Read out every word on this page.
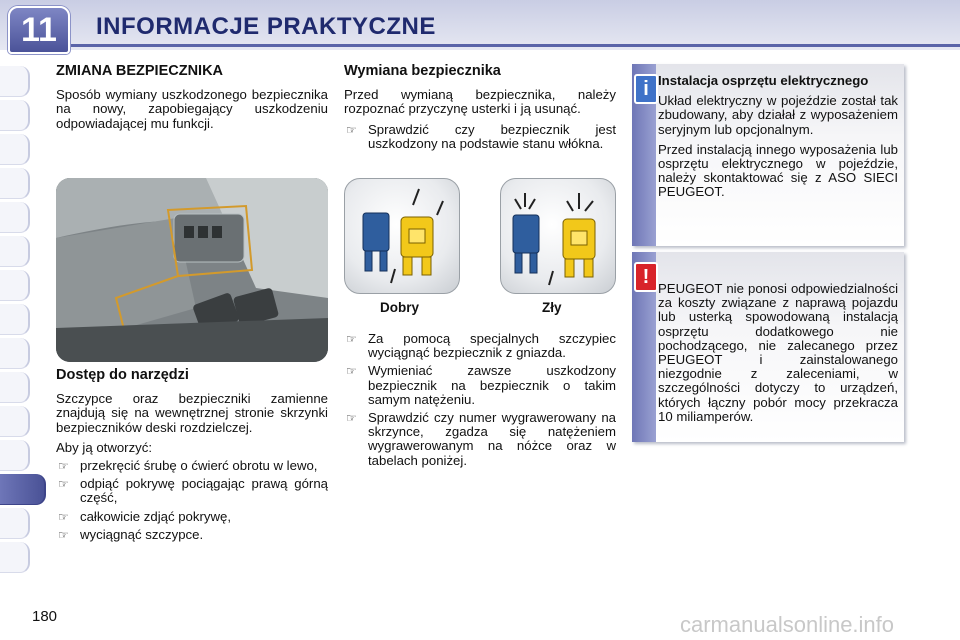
11	INFORMACJE PRAKTYCZNE
ZMIANA BEZPIECZNIKA

Sposób wymiany uszkodzonego bezpiecznika na nowy, zapobiegający uszkodzeniu odpowiadającej mu funkcji.

Dostęp do narzędzi

Szczypce oraz bezpieczniki zamienne znajdują się na wewnętrznej stronie skrzynki bezpieczników deski rozdzielczej.

Aby ją otworzyć:

☞ przekręcić śrubę o ćwierć obrotu w lewo,
☞ odpiąć pokrywę pociągając prawą górną część,
☞ całkowicie zdjąć pokrywę,
☞ wyciągnąć szczypce.
Wymiana bezpiecznika

Przed wymianą bezpiecznika, należy rozpoznać przyczynę usterki i ją usunąć.

☞ Sprawdzić czy bezpiecznik jest uszkodzony na podstawie stanu włókna.
Dobry	Zły
☞ Za pomocą specjalnych szczypiec wyciągnąć bezpiecznik z gniazda.
☞ Wymieniać zawsze uszkodzony bezpiecznik na bezpiecznik o takim samym natężeniu.
☞ Sprawdzić czy numer wygrawerowany na skrzynce, zgadza się natężeniem wygrawerowanym na nóżce oraz w tabelach poniżej.
i Instalacja osprzętu elektrycznego

Układ elektryczny w pojeździe został tak zbudowany, aby działał z wyposażeniem seryjnym lub opcjonalnym.

Przed instalacją innego wyposażenia lub osprzętu elektrycznego w pojeździe, należy skontaktować się z ASO SIECI PEUGEOT.

!

PEUGEOT nie ponosi odpowiedzialności za koszty związane z naprawą pojazdu lub usterką spowodowaną instalacją osprzętu dodatkowego nie pochodzącego, nie zalecanego przez PEUGEOT i zainstalowanego niezgodnie z zaleceniami, w szczególności dotyczy to urządzeń, których łączny pobór mocy przekracza 10 miliamperów.

180	carmanualsonline.info
